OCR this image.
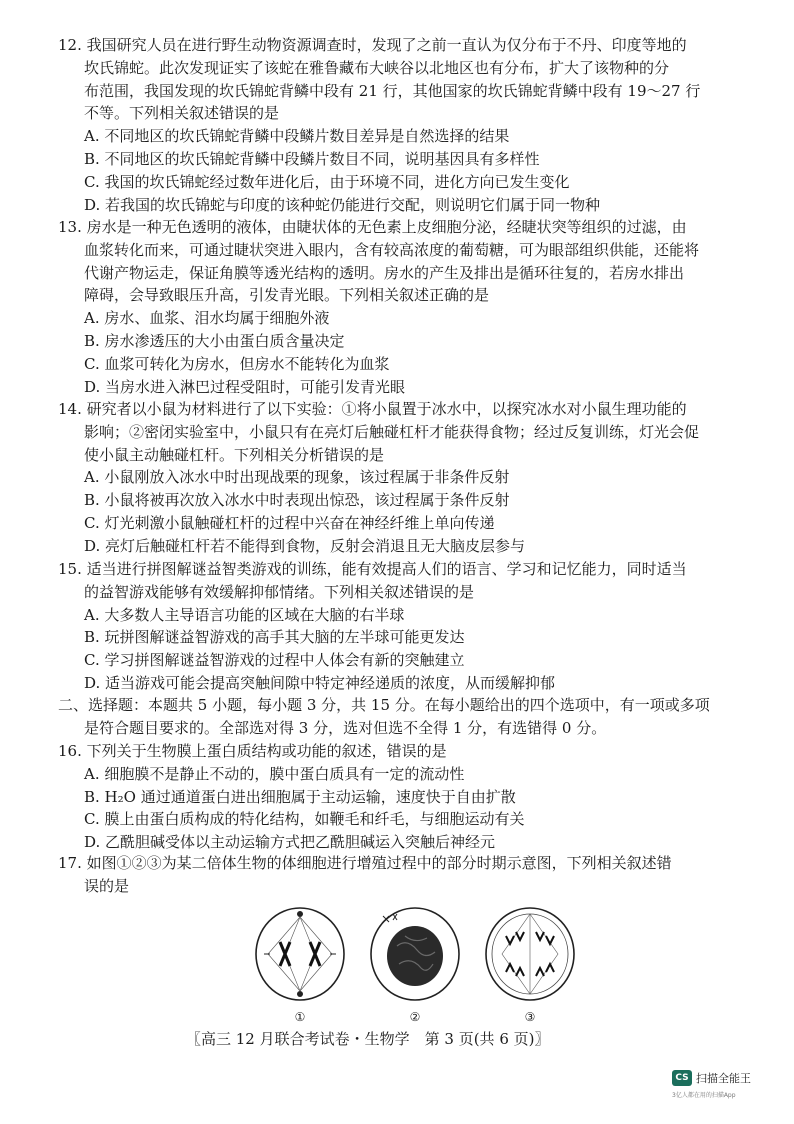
12. 我国研究人员在进行野生动物资源调查时，发现了之前一直认为仅分布于不丹、印度等地的
坎氏锦蛇。此次发现证实了该蛇在雅鲁藏布大峡谷以北地区也有分布，扩大了该物种的分
布范围，我国发现的坎氏锦蛇背鳞中段有 21 行，其他国家的坎氏锦蛇背鳞中段有 19～27 行
不等。下列相关叙述错误的是
A. 不同地区的坎氏锦蛇背鳞中段鳞片数目差异是自然选择的结果
B. 不同地区的坎氏锦蛇背鳞中段鳞片数目不同，说明基因具有多样性
C. 我国的坎氏锦蛇经过数年进化后，由于环境不同，进化方向已发生变化
D. 若我国的坎氏锦蛇与印度的该种蛇仍能进行交配，则说明它们属于同一物种
13. 房水是一种无色透明的液体，由睫状体的无色素上皮细胞分泌，经睫状突等组织的过滤，由
血浆转化而来，可通过睫状突进入眼内，含有较高浓度的葡萄糖，可为眼部组织供能，还能将
代谢产物运走，保证角膜等透光结构的透明。房水的产生及排出是循环往复的，若房水排出
障碍，会导致眼压升高，引发青光眼。下列相关叙述正确的是
A. 房水、血浆、泪水均属于细胞外液
B. 房水渗透压的大小由蛋白质含量决定
C. 血浆可转化为房水，但房水不能转化为血浆
D. 当房水进入淋巴过程受阻时，可能引发青光眼
14. 研究者以小鼠为材料进行了以下实验：①将小鼠置于冰水中，以探究冰水对小鼠生理功能的
影响；②密闭实验室中，小鼠只有在亮灯后触碰杠杆才能获得食物；经过反复训练，灯光会促
使小鼠主动触碰杠杆。下列相关分析错误的是
A. 小鼠刚放入冰水中时出现战栗的现象，该过程属于非条件反射
B. 小鼠将被再次放入冰水中时表现出惊恐，该过程属于条件反射
C. 灯光刺激小鼠触碰杠杆的过程中兴奋在神经纤维上单向传递
D. 亮灯后触碰杠杆若不能得到食物，反射会消退且无大脑皮层参与
15. 适当进行拼图解谜益智类游戏的训练，能有效提高人们的语言、学习和记忆能力，同时适当
的益智游戏能够有效缓解抑郁情绪。下列相关叙述错误的是
A. 大多数人主导语言功能的区域在大脑的右半球
B. 玩拼图解谜益智游戏的高手其大脑的左半球可能更发达
C. 学习拼图解谜益智游戏的过程中人体会有新的突触建立
D. 适当游戏可能会提高突触间隙中特定神经递质的浓度，从而缓解抑郁
二、选择题：本题共 5 小题，每小题 3 分，共 15 分。在每小题给出的四个选项中，有一项或多项
是符合题目要求的。全部选对得 3 分，选对但选不全得 1 分，有选错得 0 分。
16. 下列关于生物膜上蛋白质结构或功能的叙述，错误的是
A. 细胞膜不是静止不动的，膜中蛋白质具有一定的流动性
B. H₂O 通过通道蛋白进出细胞属于主动运输，速度快于自由扩散
C. 膜上由蛋白质构成的特化结构，如鞭毛和纤毛，与细胞运动有关
D. 乙酰胆碱受体以主动运输方式把乙酰胆碱运入突触后神经元
17. 如图①②③为某二倍体生物的体细胞进行增殖过程中的部分时期示意图，下列相关叙述错
误的是
①	②	③
〖高三 12 月联合考试卷・生物学　第 3 页(共 6 页)〗
CS 扫描全能王
3亿人都在用的扫描App
